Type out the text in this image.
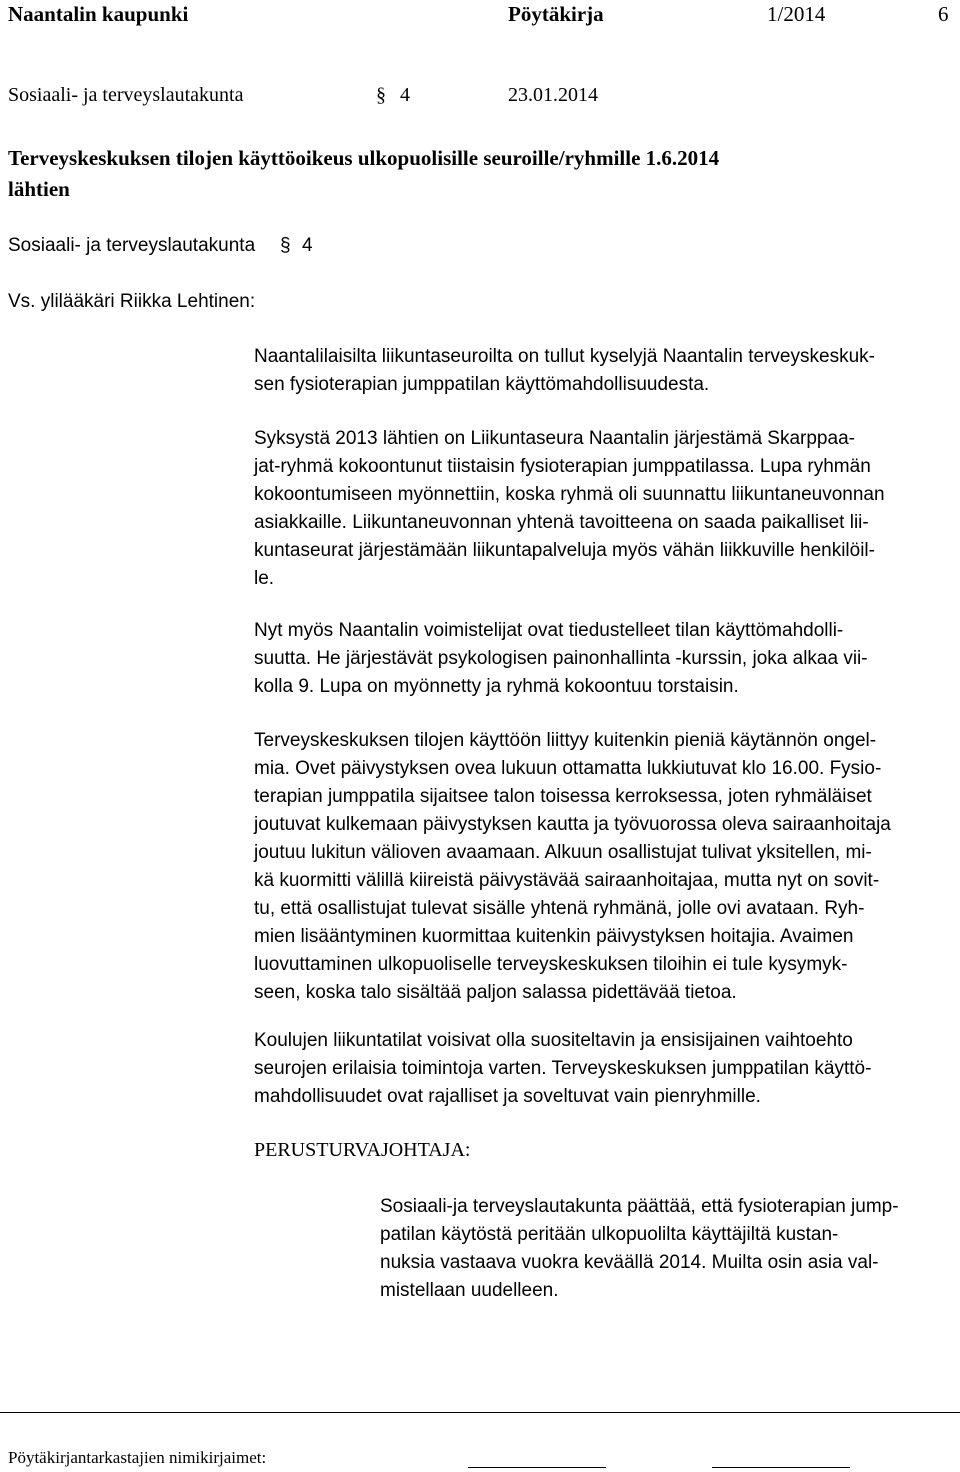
Naantalin kaupunki	Pöytäkirja	1/2014	6
Sosiaali- ja terveyslautakunta	§ 4	23.01.2014
Terveyskeskuksen tilojen käyttöoikeus ulkopuolisille seuroille/ryhmille 1.6.2014
lähtien
Sosiaali- ja terveyslautakunta § 4
Vs. ylilääkäri Riikka Lehtinen:
Naantalilaisilta liikuntaseuroilta on tullut kyselyjä Naantalin terveyskeskuk-
sen fysioterapian jumppatilan käyttömahdollisuudesta.
Syksystä 2013 lähtien on Liikuntaseura Naantalin järjestämä Skarppaa-
jat-ryhmä kokoontunut tiistaisin fysioterapian jumppatilassa. Lupa ryhmän
kokoontumiseen myönnettiin, koska ryhmä oli suunnattu liikuntaneuvonnan
asiakkaille. Liikuntaneuvonnan yhtenä tavoitteena on saada paikalliset lii-
kuntaseurat järjestämään liikuntapalveluja myös vähän liikkuville henkilöil-
le.
Nyt myös Naantalin voimistelijat ovat tiedustelleet tilan käyttömahdolli-
suutta. He järjestävät psykologisen painonhallinta -kurssin, joka alkaa vii-
kolla 9. Lupa on myönnetty ja ryhmä kokoontuu torstaisin.
Terveyskeskuksen tilojen käyttöön liittyy kuitenkin pieniä käytännön ongel-
mia. Ovet päivystyksen ovea lukuun ottamatta lukkiutuvat klo 16.00. Fysio-
terapian jumppatila sijaitsee talon toisessa kerroksessa, joten ryhmäläiset
joutuvat kulkemaan päivystyksen kautta ja työvuorossa oleva sairaanhoitaja
joutuu lukitun välioven avaamaan. Alkuun osallistujat tulivat yksitellen, mi-
kä kuormitti välillä kiireistä päivystävää sairaanhoitajaa, mutta nyt on sovit-
tu, että osallistujat tulevat sisälle yhtenä ryhmänä, jolle ovi avataan. Ryh-
mien lisääntyminen kuormittaa kuitenkin päivystyksen hoitajia. Avaimen
luovuttaminen ulkopuoliselle terveyskeskuksen tiloihin ei tule kysymyk-
seen, koska talo sisältää paljon salassa pidettävää tietoa.
Koulujen liikuntatilat voisivat olla suositeltavin ja ensisijainen vaihtoehto
seurojen erilaisia toimintoja varten. Terveyskeskuksen jumppatilan käyttö-
mahdollisuudet ovat rajalliset ja soveltuvat vain pienryhmille.
PERUSTURVAJOHTAJA:
Sosiaali-ja terveyslautakunta päättää, että fysioterapian jump-
patilan käytöstä peritään ulkopuolilta käyttäjiltä kustan-
nuksia vastaava vuokra keväällä 2014. Muilta osin asia val-
mistellaan uudelleen.
Pöytäkirjantarkastajien nimikirjaimet:
